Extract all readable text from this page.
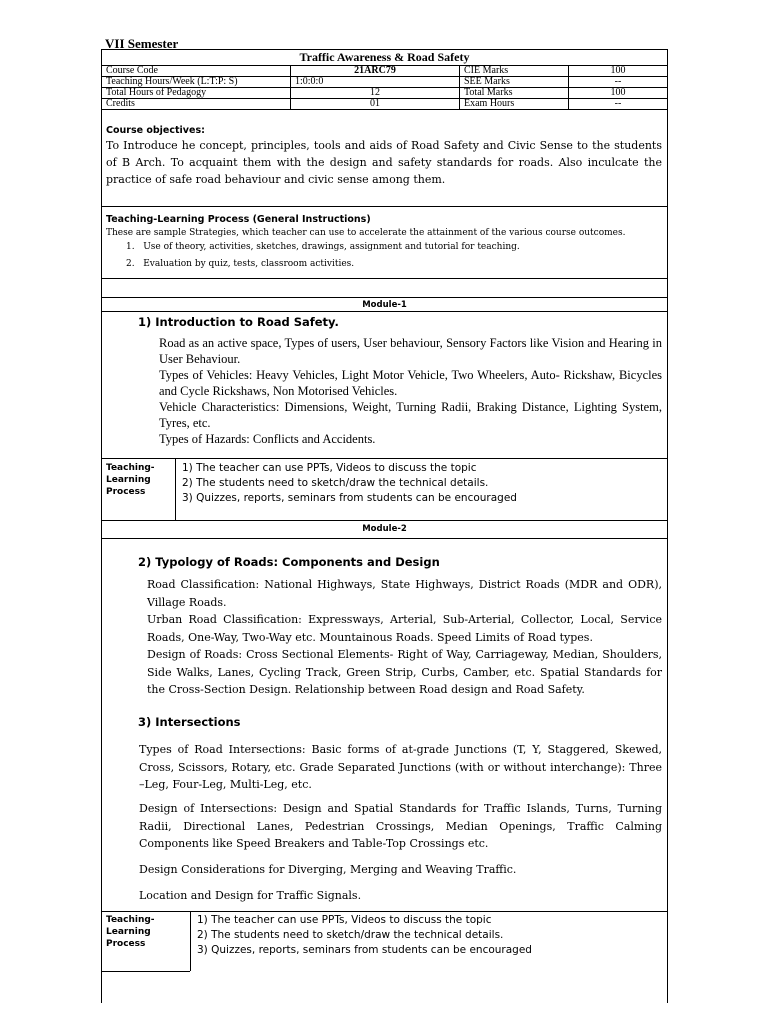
VII Semester
Traffic Awareness & Road Safety
Course Code	21ARC79	CIE Marks	100
Teaching Hours/Week (L:T:P: S)	1:0:0:0	SEE Marks	--
Total Hours of Pedagogy	12	Total Marks	100
Credits	01	Exam Hours	--
Course objectives:
To Introduce he concept, principles, tools and aids of Road Safety and Civic Sense to the students of B Arch. To acquaint them with the design and safety standards for roads. Also inculcate the practice of safe road behaviour and civic sense among them.
Teaching-Learning Process (General Instructions)
These are sample Strategies, which teacher can use to accelerate the attainment of the various course outcomes.
1. Use of theory, activities, sketches, drawings, assignment and tutorial for teaching.
2. Evaluation by quiz, tests, classroom activities.
Module-1
1) Introduction to Road Safety.
Road as an active space, Types of users, User behaviour, Sensory Factors like Vision and Hearing in User Behaviour.
Types of Vehicles: Heavy Vehicles, Light Motor Vehicle, Two Wheelers, Auto- Rickshaw, Bicycles and Cycle Rickshaws, Non Motorised Vehicles.
Vehicle Characteristics: Dimensions, Weight, Turning Radii, Braking Distance, Lighting System, Tyres, etc.
Types of Hazards: Conflicts and Accidents.
Teaching-
Learning
Process
1) The teacher can use PPTs, Videos to discuss the topic
2) The students need to sketch/draw the technical details.
3) Quizzes, reports, seminars from students can be encouraged
Module-2
2) Typology of Roads: Components and Design
Road Classification: National Highways, State Highways, District Roads (MDR and ODR), Village Roads.
Urban Road Classification: Expressways, Arterial, Sub-Arterial, Collector, Local, Service Roads, One-Way, Two-Way etc. Mountainous Roads. Speed Limits of Road types.
Design of Roads: Cross Sectional Elements- Right of Way, Carriageway, Median, Shoulders, Side Walks, Lanes, Cycling Track, Green Strip, Curbs, Camber, etc. Spatial Standards for the Cross-Section Design. Relationship between Road design and Road Safety.
3) Intersections
Types of Road Intersections: Basic forms of at-grade Junctions (T, Y, Staggered, Skewed, Cross, Scissors, Rotary, etc. Grade Separated Junctions (with or without interchange): Three –Leg, Four-Leg, Multi-Leg, etc.
Design of Intersections: Design and Spatial Standards for Traffic Islands, Turns, Turning Radii, Directional Lanes, Pedestrian Crossings, Median Openings, Traffic Calming Components like Speed Breakers and Table-Top Crossings etc.
Design Considerations for Diverging, Merging and Weaving Traffic.
Location and Design for Traffic Signals.
Teaching-
Learning
Process
1) The teacher can use PPTs, Videos to discuss the topic
2) The students need to sketch/draw the technical details.
3) Quizzes, reports, seminars from students can be encouraged
